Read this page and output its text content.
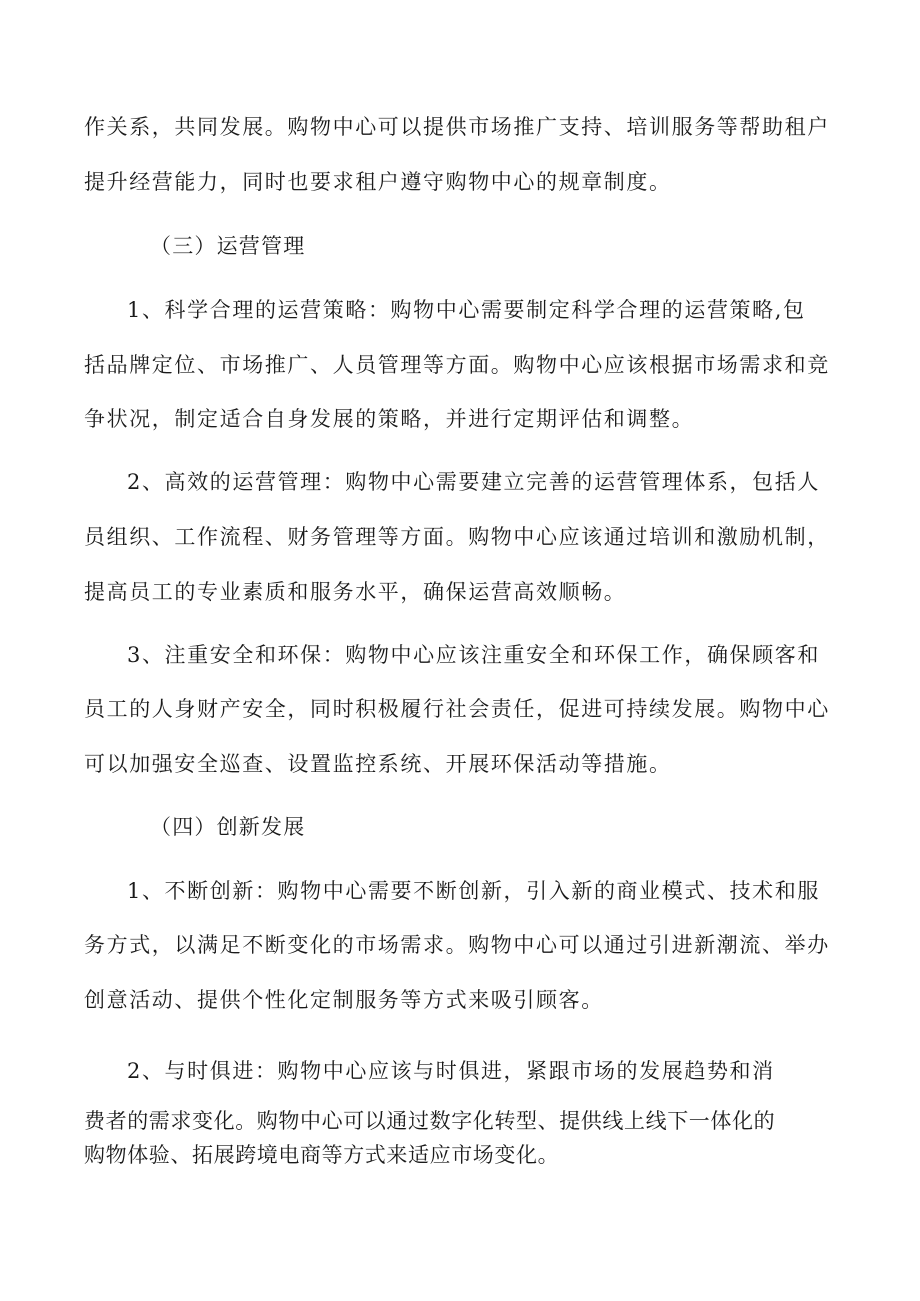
作关系，共同发展。购物中心可以提供市场推广支持、培训服务等帮助租户
提升经营能力，同时也要求租户遵守购物中心的规章制度。
（三）运营管理
1、科学合理的运营策略：购物中心需要制定科学合理的运营策略,包
括品牌定位、市场推广、人员管理等方面。购物中心应该根据市场需求和竞
争状况，制定适合自身发展的策略，并进行定期评估和调整。
2、高效的运营管理：购物中心需要建立完善的运营管理体系，包括人
员组织、工作流程、财务管理等方面。购物中心应该通过培训和激励机制，
提高员工的专业素质和服务水平，确保运营高效顺畅。
3、注重安全和环保：购物中心应该注重安全和环保工作，确保顾客和
员工的人身财产安全，同时积极履行社会责任，促进可持续发展。购物中心
可以加强安全巡查、设置监控系统、开展环保活动等措施。
（四）创新发展
1、不断创新：购物中心需要不断创新，引入新的商业模式、技术和服
务方式，以满足不断变化的市场需求。购物中心可以通过引进新潮流、举办
创意活动、提供个性化定制服务等方式来吸引顾客。
2、与时俱进：购物中心应该与时俱进，紧跟市场的发展趋势和消
费者的需求变化。购物中心可以通过数字化转型、提供线上线下一体化的
购物体验、拓展跨境电商等方式来适应市场变化。
